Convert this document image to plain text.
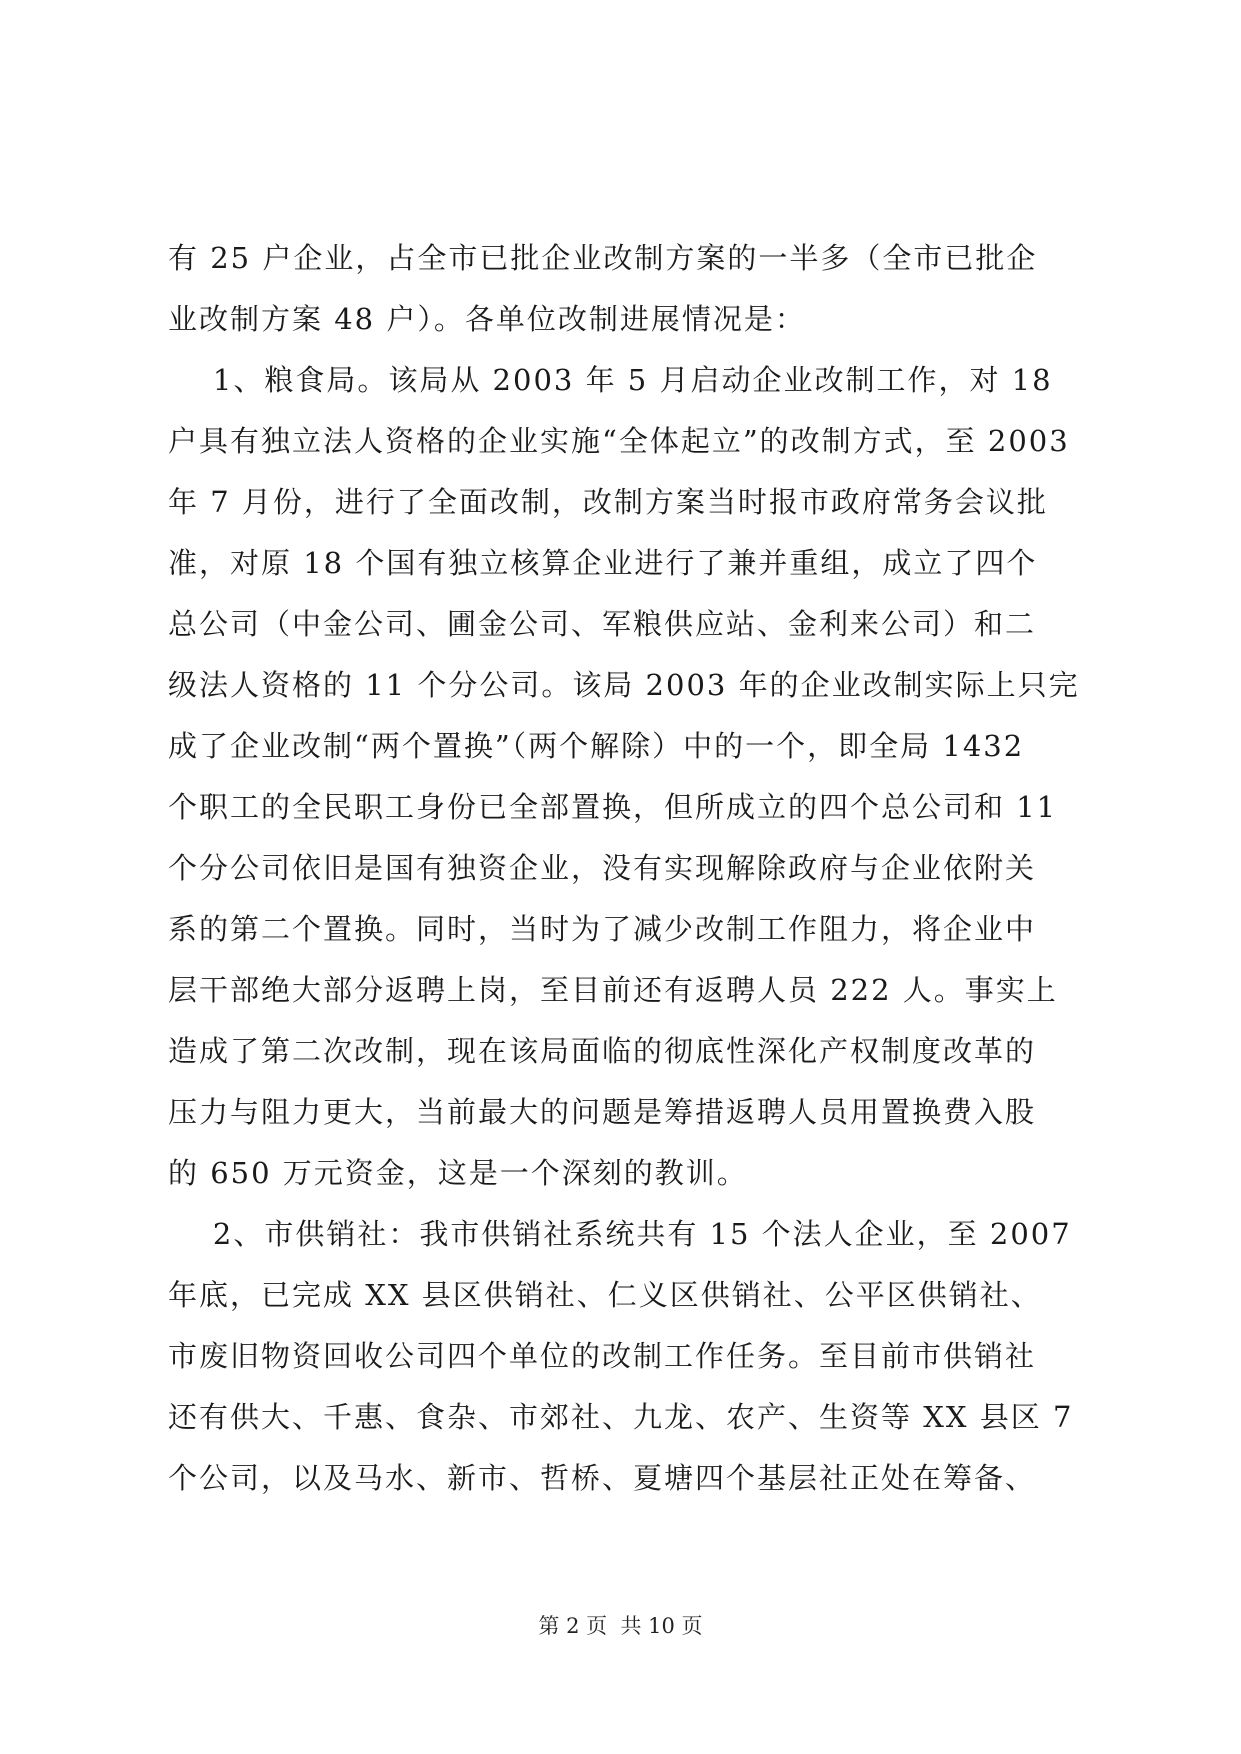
有 25 户企业，占全市已批企业改制方案的一半多（全市已批企
业改制方案 48 户）。各单位改制进展情况是：
1、粮食局。该局从 2003 年 5 月启动企业改制工作，对 18
户具有独立法人资格的企业实施“全体起立”的改制方式，至 2003
年 7 月份，进行了全面改制，改制方案当时报市政府常务会议批
准，对原 18 个国有独立核算企业进行了兼并重组，成立了四个
总公司（中金公司、圃金公司、军粮供应站、金利来公司）和二
级法人资格的 11 个分公司。该局 2003 年的企业改制实际上只完
成了企业改制“两个置换”（两个解除）中的一个，即全局 1432
个职工的全民职工身份已全部置换，但所成立的四个总公司和 11
个分公司依旧是国有独资企业，没有实现解除政府与企业依附关
系的第二个置换。同时，当时为了减少改制工作阻力，将企业中
层干部绝大部分返聘上岗，至目前还有返聘人员 222 人。事实上
造成了第二次改制，现在该局面临的彻底性深化产权制度改革的
压力与阻力更大，当前最大的问题是筹措返聘人员用置换费入股
的 650 万元资金，这是一个深刻的教训。
2、市供销社：我市供销社系统共有 15 个法人企业，至 2007
年底，已完成 XX 县区供销社、仁义区供销社、公平区供销社、
市废旧物资回收公司四个单位的改制工作任务。至目前市供销社
还有供大、千惠、食杂、市郊社、九龙、农产、生资等 XX 县区 7
个公司，以及马水、新市、哲桥、夏塘四个基层社正处在筹备、
第 2 页  共 10 页
